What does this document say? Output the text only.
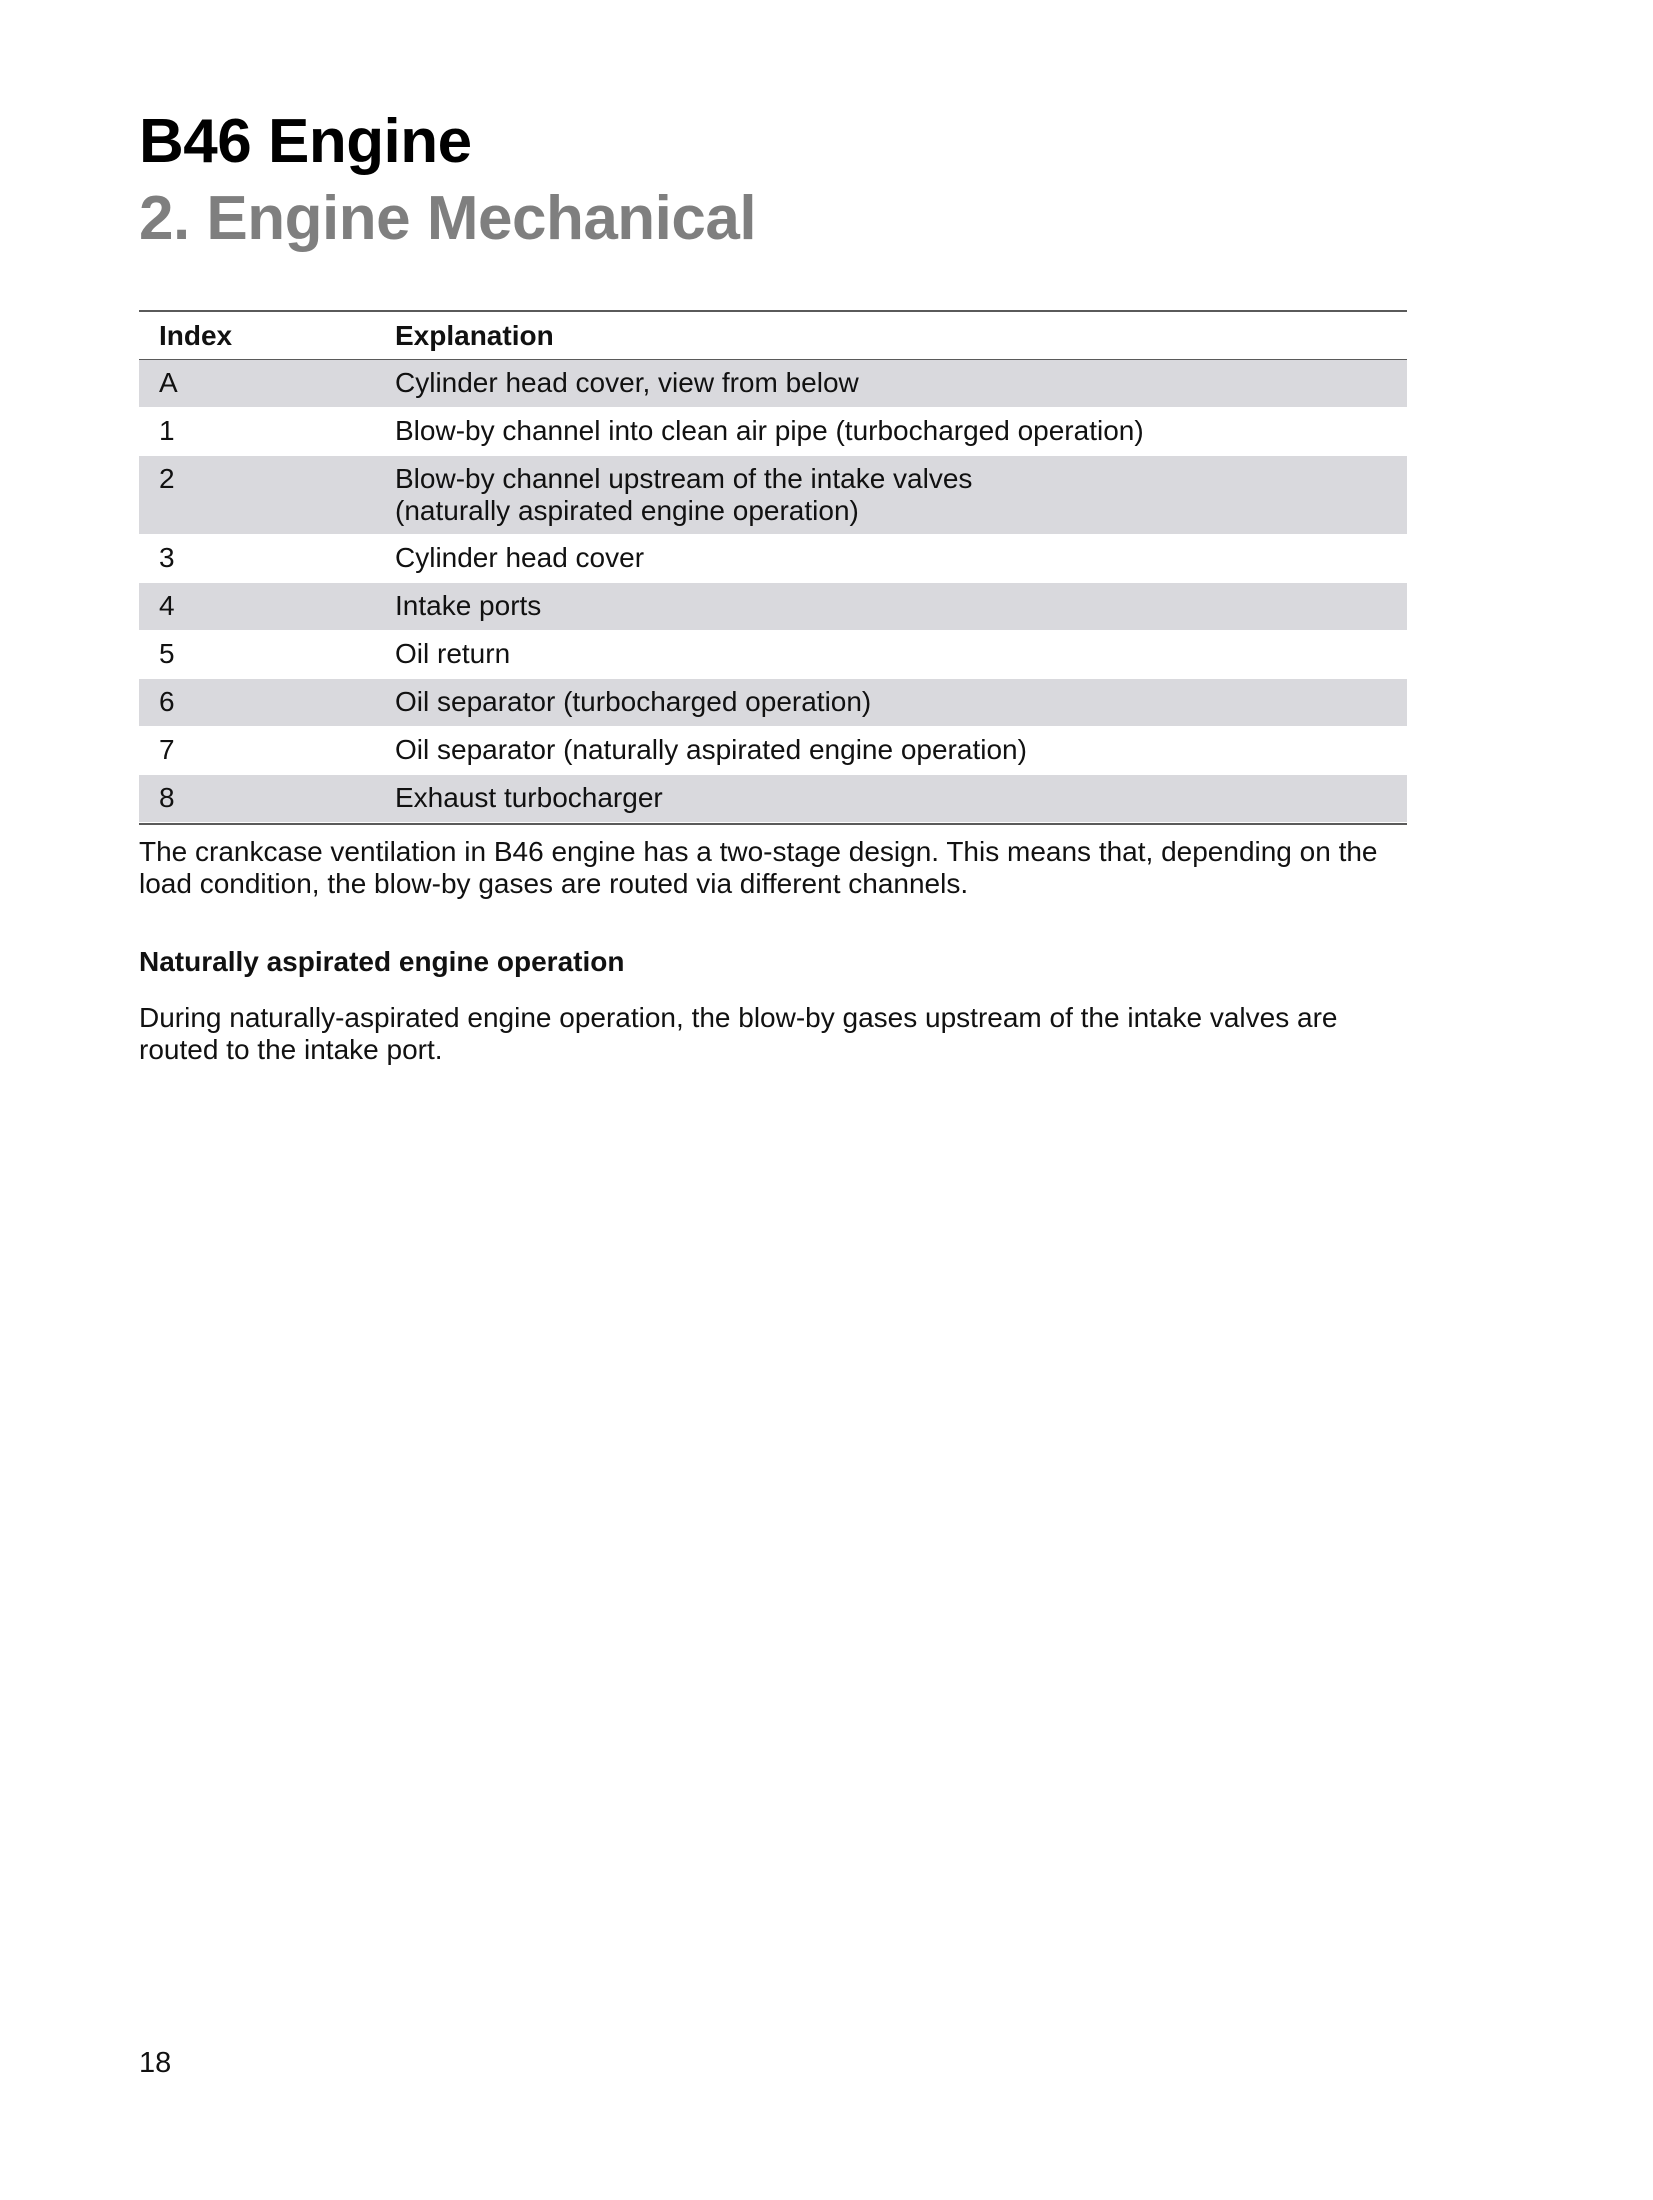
B46 Engine
2. Engine Mechanical
Index	Explanation
A	Cylinder head cover, view from below
1	Blow-by channel into clean air pipe (turbocharged operation)
2	Blow-by channel upstream of the intake valves
(naturally aspirated engine operation)
3	Cylinder head cover
4	Intake ports
5	Oil return
6	Oil separator (turbocharged operation)
7	Oil separator (naturally aspirated engine operation)
8	Exhaust turbocharger

The crankcase ventilation in B46 engine has a two-stage design. This means that, depending on the load condition, the blow-by gases are routed via different channels.

Naturally aspirated engine operation

During naturally-aspirated engine operation, the blow-by gases upstream of the intake valves are routed to the intake port.

18
